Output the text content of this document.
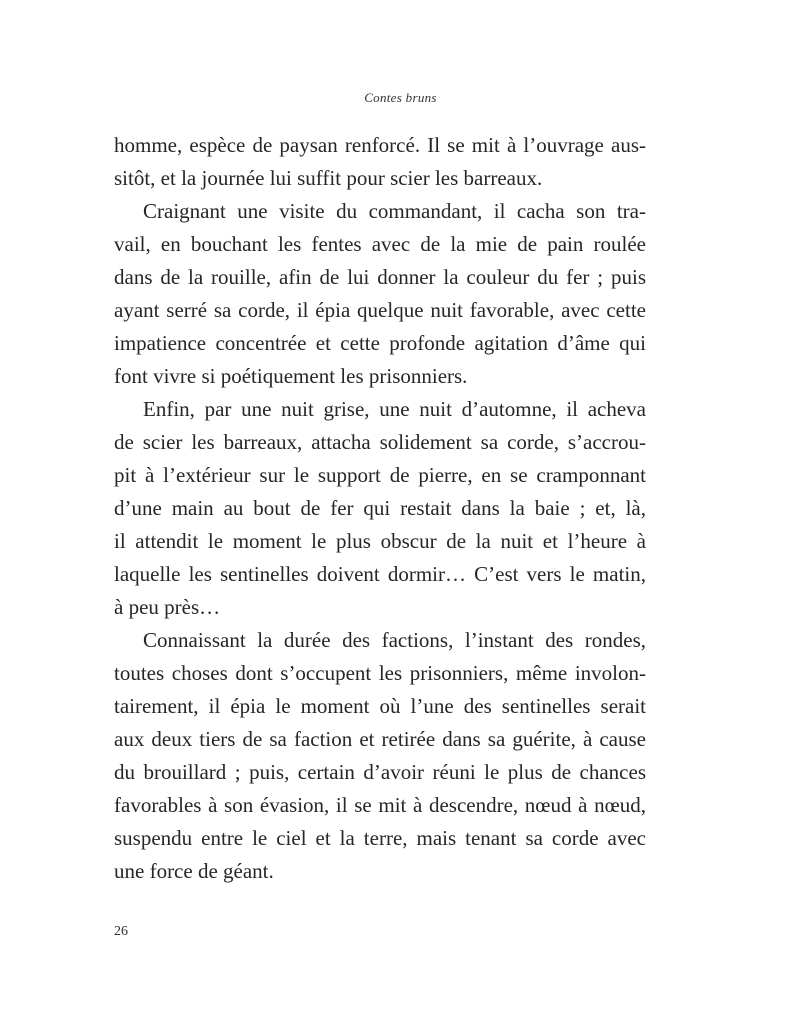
Contes bruns
homme, espèce de paysan renforcé. Il se mit à l’ouvrage aus-
sitôt, et la journée lui suffit pour scier les barreaux.
Craignant une visite du commandant, il cacha son tra-
vail, en bouchant les fentes avec de la mie de pain roulée
dans de la rouille, afin de lui donner la couleur du fer ; puis
ayant serré sa corde, il épia quelque nuit favorable, avec cette
impatience concentrée et cette profonde agitation d’âme qui
font vivre si poétiquement les prisonniers.
Enfin, par une nuit grise, une nuit d’automne, il acheva
de scier les barreaux, attacha solidement sa corde, s’accrou-
pit à l’extérieur sur le support de pierre, en se cramponnant
d’une main au bout de fer qui restait dans la baie ; et, là,
il attendit le moment le plus obscur de la nuit et l’heure à
laquelle les sentinelles doivent dormir… C’est vers le matin,
à peu près…
Connaissant la durée des factions, l’instant des rondes,
toutes choses dont s’occupent les prisonniers, même involon-
tairement, il épia le moment où l’une des sentinelles serait
aux deux tiers de sa faction et retirée dans sa guérite, à cause
du brouillard ; puis, certain d’avoir réuni le plus de chances
favorables à son évasion, il se mit à descendre, nœud à nœud,
suspendu entre le ciel et la terre, mais tenant sa corde avec
une force de géant.
26
